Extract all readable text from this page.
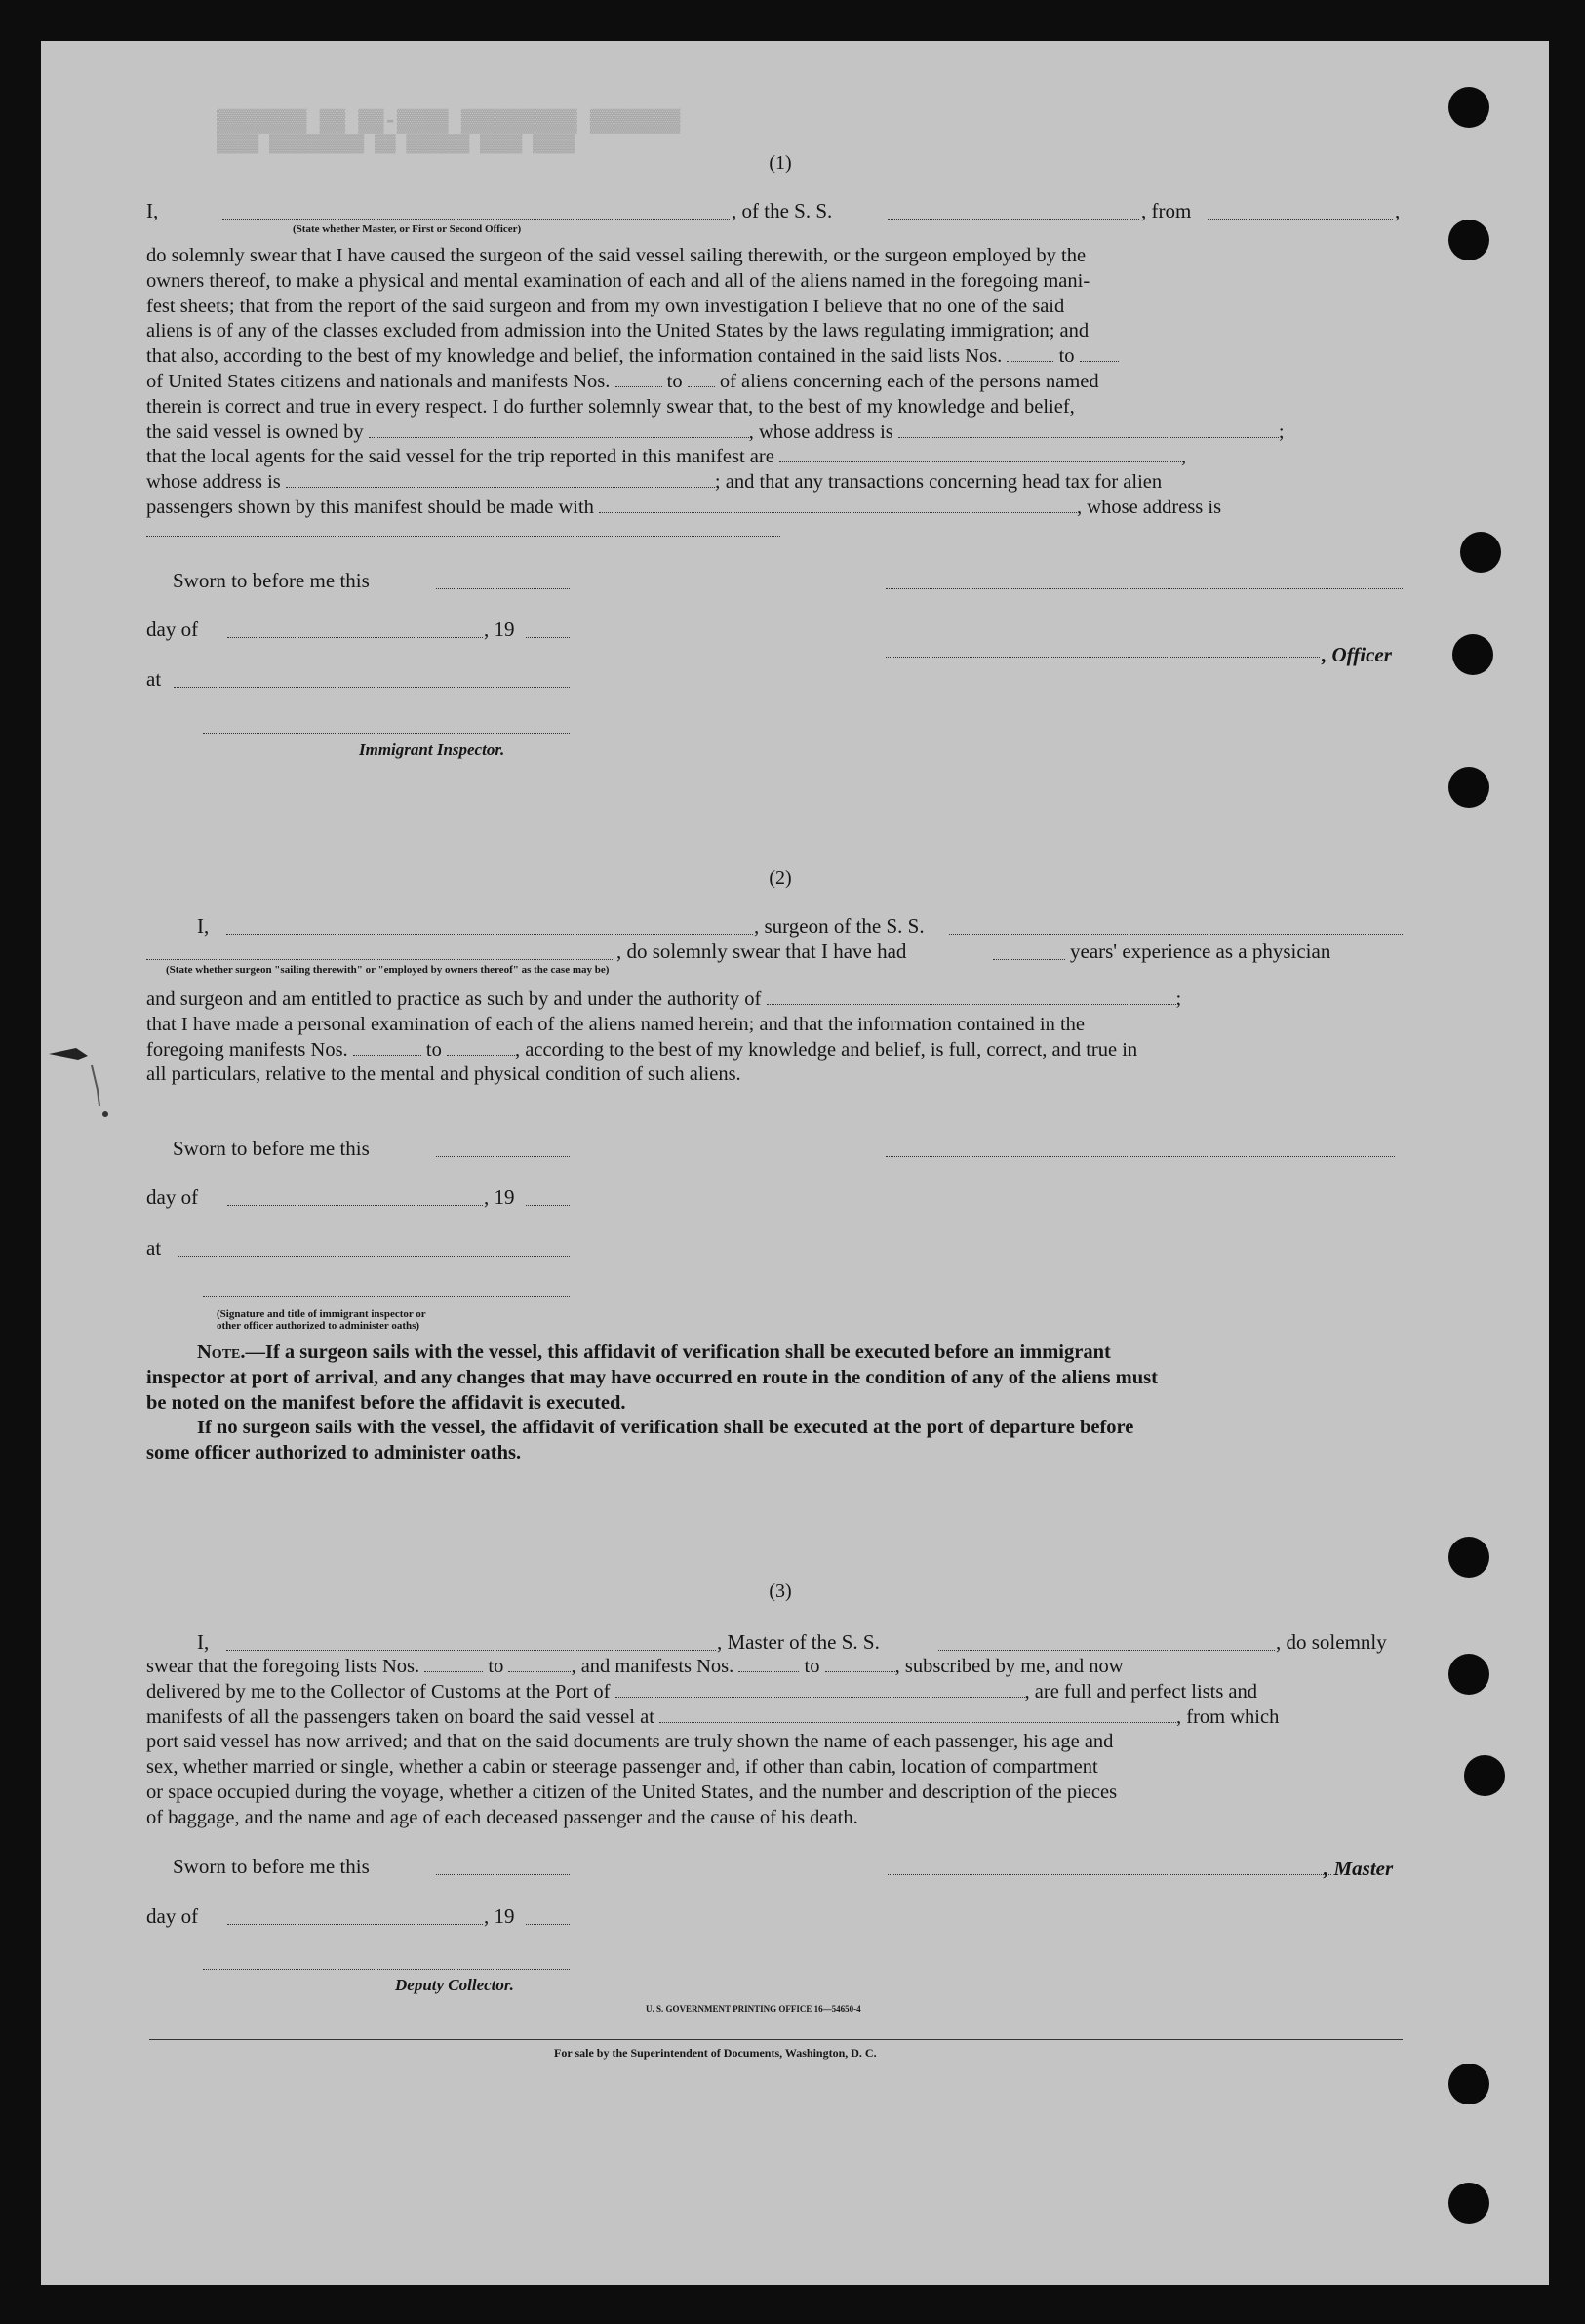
▓▓▓▓▓▓▓ ▓▓ ▓▓-▓▓▓▓ ▓▓▓▓▓▓▓▓▓ ▓▓▓▓▓▓▓
▓▓▓▓ ▓▓▓▓▓▓▓▓▓ ▓▓ ▓▓▓▓▓▓ ▓▓▓▓ ▓▓▓▓
(1)
I,	, of the S. S.	, from	,
(State whether Master, or First or Second Officer)
do solemnly swear that I have caused the surgeon of the said vessel sailing therewith, or the surgeon employed by the
owners thereof, to make a physical and mental examination of each and all of the aliens named in the foregoing mani-
fest sheets; that from the report of the said surgeon and from my own investigation I believe that no one of the said
aliens is of any of the classes excluded from admission into the United States by the laws regulating immigration; and
that also, according to the best of my knowledge and belief, the information contained in the said lists Nos.	to
of United States citizens and nationals and manifests Nos.	to of aliens concerning each of the persons named
therein is correct and true in every respect. I do further solemnly swear that, to the best of my knowledge and belief,
the said vessel is owned by	, whose address is	;
that the local agents for the said vessel for the trip reported in this manifest are	,
whose address is	; and that any transactions concerning head tax for alien
passengers shown by this manifest should be made with	, whose address is
Sworn to before me this
day of	, 19
, Officer
at
Immigrant Inspector.
(2)
I,	, surgeon of the S. S.
, do solemnly swear that I have had	years' experience as a physician
(State whether surgeon "sailing therewith" or "employed by owners thereof" as the case may be)
and surgeon and am entitled to practice as such by and under the authority of	;
that I have made a personal examination of each of the aliens named herein; and that the information contained in the
foregoing manifests Nos.	to	, according to the best of my knowledge and belief, is full, correct, and true in
all particulars, relative to the mental and physical condition of such aliens.
Sworn to before me this
day of	, 19
at
(Signature and title of immigrant inspector or
other officer authorized to administer oaths)
Note.—If a surgeon sails with the vessel, this affidavit of verification shall be executed before an immigrant
inspector at port of arrival, and any changes that may have occurred en route in the condition of any of the aliens must
be noted on the manifest before the affidavit is executed.
If no surgeon sails with the vessel, the affidavit of verification shall be executed at the port of departure before
some officer authorized to administer oaths.
(3)
I,	, Master of the S. S.	, do solemnly
swear that the foregoing lists Nos.	to	, and manifests Nos.	to	, subscribed by me, and now
delivered by me to the Collector of Customs at the Port of	, are full and perfect lists and
manifests of all the passengers taken on board the said vessel at	, from which
port said vessel has now arrived; and that on the said documents are truly shown the name of each passenger, his age and
sex, whether married or single, whether a cabin or steerage passenger and, if other than cabin, location of compartment
or space occupied during the voyage, whether a citizen of the United States, and the number and description of the pieces
of baggage, and the name and age of each deceased passenger and the cause of his death.
Sworn to before me this	, Master
day of	, 19
Deputy Collector.
U. S. GOVERNMENT PRINTING OFFICE 16—54650-4
For sale by the Superintendent of Documents, Washington, D. C.
